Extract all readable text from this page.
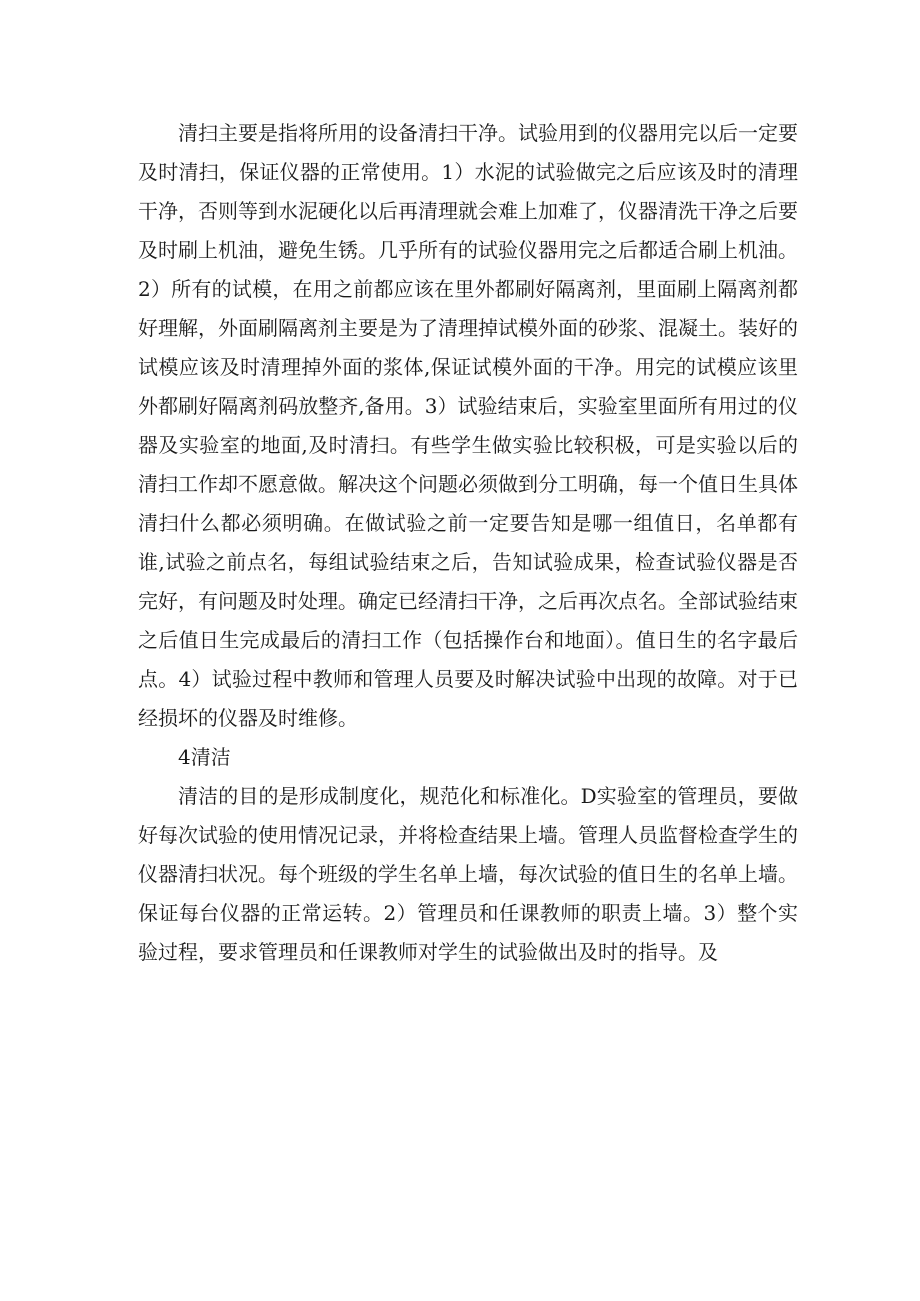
清扫主要是指将所用的设备清扫干净。试验用到的仪器用完以后一定要及时清扫，保证仪器的正常使用。1）水泥的试验做完之后应该及时的清理干净，否则等到水泥硬化以后再清理就会难上加难了，仪器清洗干净之后要及时刷上机油，避免生锈。几乎所有的试验仪器用完之后都适合刷上机油。2）所有的试模，在用之前都应该在里外都刷好隔离剂，里面刷上隔离剂都好理解，外面刷隔离剂主要是为了清理掉试模外面的砂浆、混凝土。装好的试模应该及时清理掉外面的浆体,保证试模外面的干净。用完的试模应该里外都刷好隔离剂码放整齐,备用。3）试验结束后，实验室里面所有用过的仪器及实验室的地面,及时清扫。有些学生做实验比较积极，可是实验以后的清扫工作却不愿意做。解决这个问题必须做到分工明确，每一个值日生具体清扫什么都必须明确。在做试验之前一定要告知是哪一组值日，名单都有谁,试验之前点名，每组试验结束之后，告知试验成果，检查试验仪器是否完好，有问题及时处理。确定已经清扫干净，之后再次点名。全部试验结束之后值日生完成最后的清扫工作（包括操作台和地面）。值日生的名字最后点。4）试验过程中教师和管理人员要及时解决试验中出现的故障。对于已经损坏的仪器及时维修。

4清洁

清洁的目的是形成制度化，规范化和标准化。D实验室的管理员，要做好每次试验的使用情况记录，并将检查结果上墙。管理人员监督检查学生的仪器清扫状况。每个班级的学生名单上墙，每次试验的值日生的名单上墙。保证每台仪器的正常运转。2）管理员和任课教师的职责上墙。3）整个实验过程，要求管理员和任课教师对学生的试验做出及时的指导。及
